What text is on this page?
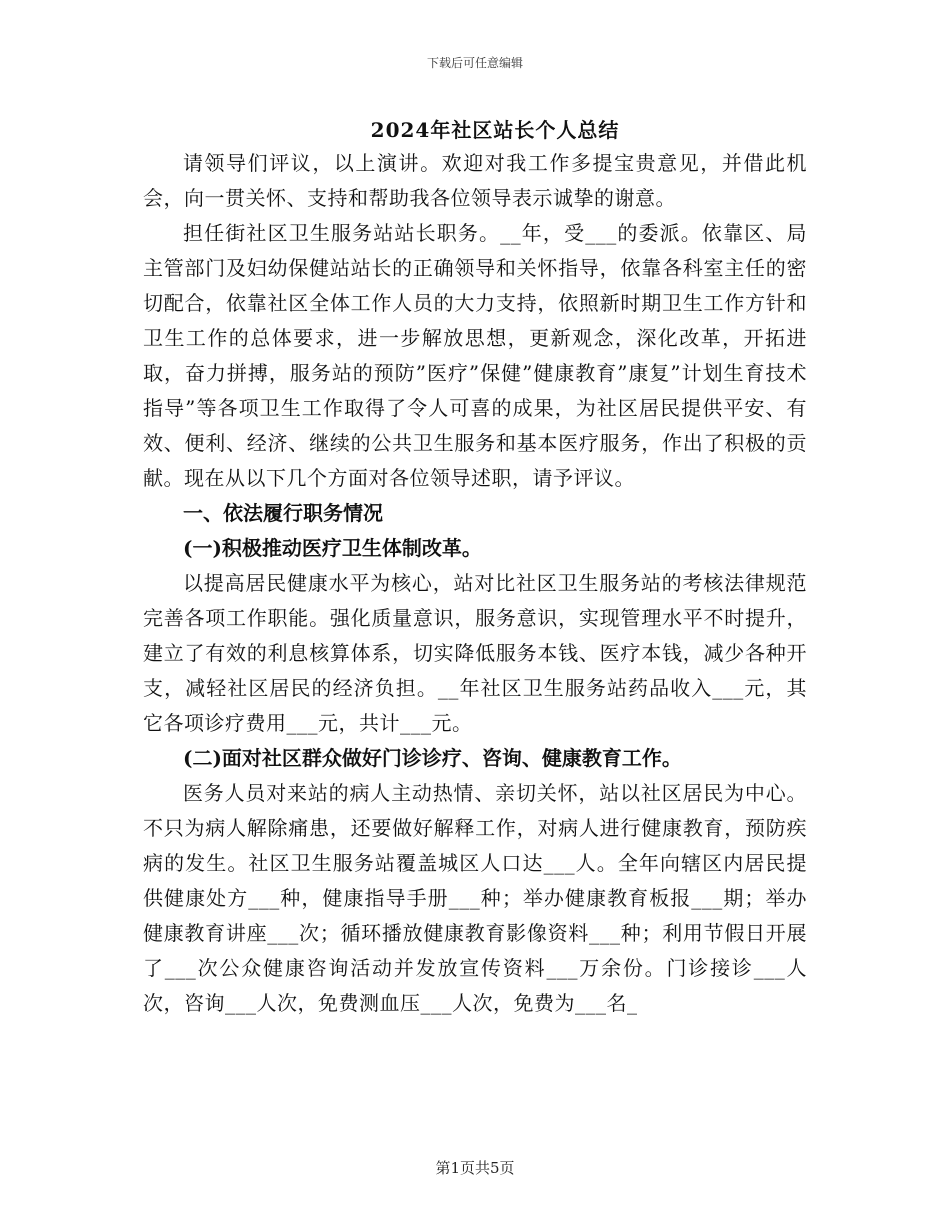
下载后可任意编辑
2024年社区站长个人总结

请领导们评议，以上演讲。欢迎对我工作多提宝贵意见，并借此机会，向一贯关怀、支持和帮助我各位领导表示诚挚的谢意。

担任街社区卫生服务站站长职务。__年，受___的委派。依靠区、局主管部门及妇幼保健站站长的正确领导和关怀指导，依靠各科室主任的密切配合，依靠社区全体工作人员的大力支持，依照新时期卫生工作方针和卫生工作的总体要求，进一步解放思想，更新观念，深化改革，开拓进取，奋力拼搏，服务站的预防”医疗”保健”健康教育”康复”计划生育技术指导”等各项卫生工作取得了令人可喜的成果，为社区居民提供平安、有效、便利、经济、继续的公共卫生服务和基本医疗服务，作出了积极的贡献。现在从以下几个方面对各位领导述职，请予评议。

一、依法履行职务情况

(一)积极推动医疗卫生体制改革。

以提高居民健康水平为核心，站对比社区卫生服务站的考核法律规范完善各项工作职能。强化质量意识，服务意识，实现管理水平不时提升，建立了有效的利息核算体系，切实降低服务本钱、医疗本钱，减少各种开支，减轻社区居民的经济负担。__年社区卫生服务站药品收入___元，其它各项诊疗费用___元，共计___元。

(二)面对社区群众做好门诊诊疗、咨询、健康教育工作。

医务人员对来站的病人主动热情、亲切关怀，站以社区居民为中心。不只为病人解除痛患，还要做好解释工作，对病人进行健康教育，预防疾病的发生。社区卫生服务站覆盖城区人口达___人。全年向辖区内居民提供健康处方___种，健康指导手册___种；举办健康教育板报___期；举办健康教育讲座___次；循环播放健康教育影像资料___种；利用节假日开展了___次公众健康咨询活动并发放宣传资料___万余份。门诊接诊___人次，咨询___人次，免费测血压___人次，免费为___名_

第1页共5页
